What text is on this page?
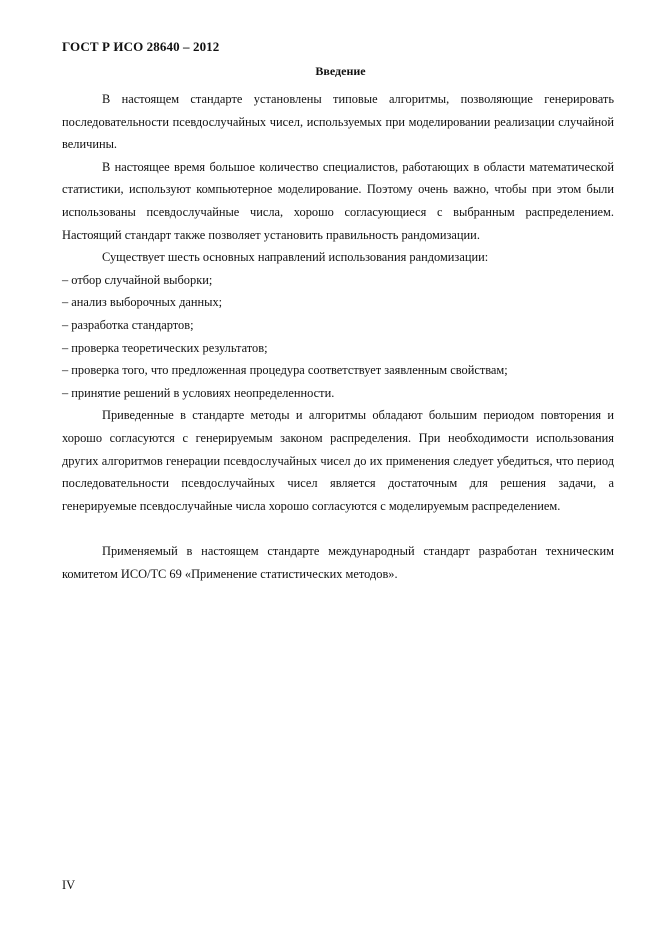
ГОСТ Р ИСО 28640 – 2012
Введение

В настоящем стандарте установлены типовые алгоритмы, позволяющие генерировать последовательности псевдослучайных чисел, используемых при моделировании реализации случайной величины.

В настоящее время большое количество специалистов, работающих в области математической статистики, используют компьютерное моделирование. Поэтому очень важно, чтобы при этом были использованы псевдослучайные числа, хорошо согласующиеся с выбранным распределением. Настоящий стандарт также позволяет установить правильность рандомизации.

Существует шесть основных направлений использования рандомизации:

– отбор случайной выборки;

– анализ выборочных данных;

– разработка стандартов;

– проверка теоретических результатов;

– проверка того, что предложенная процедура соответствует заявленным свойствам;

– принятие решений в условиях неопределенности.

Приведенные в стандарте методы и алгоритмы обладают большим периодом повторения и хорошо согласуются с генерируемым законом распределения. При необходимости использования других алгоритмов генерации псевдослучайных чисел до их применения следует убедиться, что период последовательности псевдослучайных чисел является достаточным для решения задачи, а генерируемые псевдослучайные числа хорошо согласуются с моделируемым распределением.

Применяемый в настоящем стандарте международный стандарт разработан техническим комитетом ИСО/ТС 69 «Применение статистических методов».

IV
